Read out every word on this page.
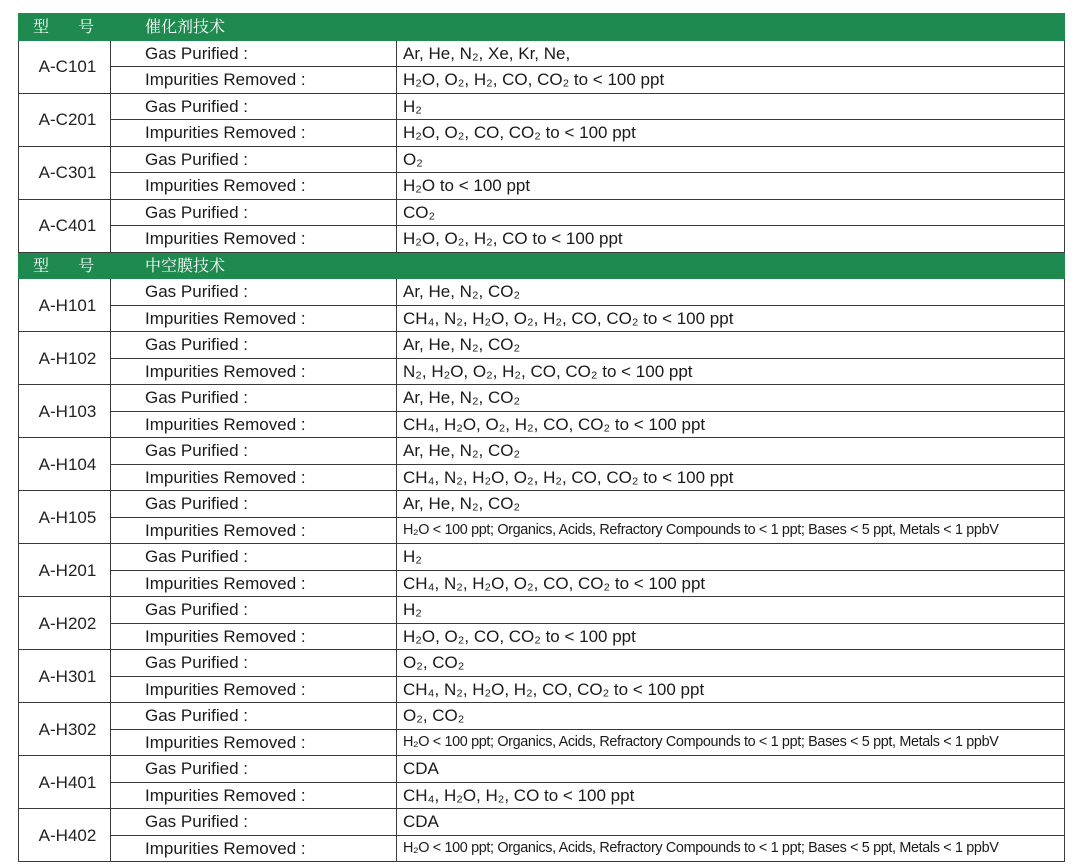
型 号	催化剂技术	
A-C101	Gas Purified :	Ar, He, N₂, Xe, Kr, Ne,
	Impurities Removed :	H₂O, O₂, H₂, CO, CO₂ to < 100 ppt
A-C201	Gas Purified :	H₂
	Impurities Removed :	H₂O, O₂, CO, CO₂ to < 100 ppt
A-C301	Gas Purified :	O₂
	Impurities Removed :	H₂O to < 100 ppt
A-C401	Gas Purified :	CO₂
	Impurities Removed :	H₂O, O₂, H₂, CO to < 100 ppt
型 号	中空膜技术	
A-H101	Gas Purified :	Ar, He, N₂, CO₂
	Impurities Removed :	CH₄, N₂, H₂O, O₂, H₂, CO, CO₂ to < 100 ppt
A-H102	Gas Purified :	Ar, He, N₂, CO₂
	Impurities Removed :	N₂, H₂O, O₂, H₂, CO, CO₂ to < 100 ppt
A-H103	Gas Purified :	Ar, He, N₂, CO₂
	Impurities Removed :	CH₄, H₂O, O₂, H₂, CO, CO₂ to < 100 ppt
A-H104	Gas Purified :	Ar, He, N₂, CO₂
	Impurities Removed :	CH₄, N₂, H₂O, O₂, H₂, CO, CO₂ to < 100 ppt
A-H105	Gas Purified :	Ar, He, N₂, CO₂
	Impurities Removed :	H₂O < 100 ppt; Organics, Acids, Refractory Compounds to < 1 ppt; Bases < 5 ppt, Metals < 1 ppbV
A-H201	Gas Purified :	H₂
	Impurities Removed :	CH₄, N₂, H₂O, O₂, CO, CO₂ to < 100 ppt
A-H202	Gas Purified :	H₂
	Impurities Removed :	H₂O, O₂, CO, CO₂ to < 100 ppt
A-H301	Gas Purified :	O₂, CO₂
	Impurities Removed :	CH₄, N₂, H₂O, H₂, CO, CO₂ to < 100 ppt
A-H302	Gas Purified :	O₂, CO₂
	Impurities Removed :	H₂O < 100 ppt; Organics, Acids, Refractory Compounds to < 1 ppt; Bases < 5 ppt, Metals < 1 ppbV
A-H401	Gas Purified :	CDA
	Impurities Removed :	CH₄, H₂O, H₂, CO to < 100 ppt
A-H402	Gas Purified :	CDA
	Impurities Removed :	H₂O < 100 ppt; Organics, Acids, Refractory Compounds to < 1 ppt; Bases < 5 ppt, Metals < 1 ppbV
